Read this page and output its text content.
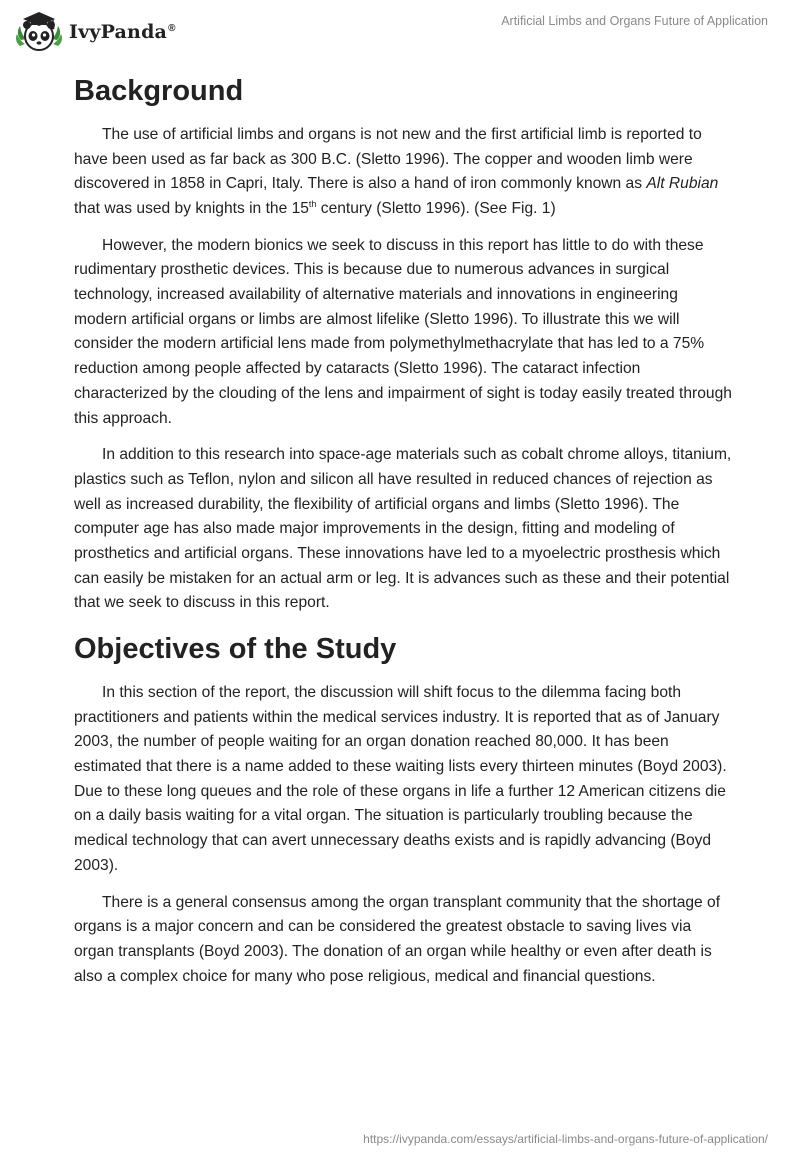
IvyPanda®
Artificial Limbs and Organs Future of Application
Background

The use of artificial limbs and organs is not new and the first artificial limb is reported to have been used as far back as 300 B.C. (Sletto 1996). The copper and wooden limb were discovered in 1858 in Capri, Italy. There is also a hand of iron commonly known as Alt Rubian that was used by knights in the 15th century (Sletto 1996). (See Fig. 1)

However, the modern bionics we seek to discuss in this report has little to do with these rudimentary prosthetic devices. This is because due to numerous advances in surgical technology, increased availability of alternative materials and innovations in engineering modern artificial organs or limbs are almost lifelike (Sletto 1996). To illustrate this we will consider the modern artificial lens made from polymethylmethacrylate that has led to a 75% reduction among people affected by cataracts (Sletto 1996). The cataract infection characterized by the clouding of the lens and impairment of sight is today easily treated through this approach.

In addition to this research into space-age materials such as cobalt chrome alloys, titanium, plastics such as Teflon, nylon and silicon all have resulted in reduced chances of rejection as well as increased durability, the flexibility of artificial organs and limbs (Sletto 1996). The computer age has also made major improvements in the design, fitting and modeling of prosthetics and artificial organs. These innovations have led to a myoelectric prosthesis which can easily be mistaken for an actual arm or leg. It is advances such as these and their potential that we seek to discuss in this report.

Objectives of the Study

In this section of the report, the discussion will shift focus to the dilemma facing both practitioners and patients within the medical services industry. It is reported that as of January 2003, the number of people waiting for an organ donation reached 80,000. It has been estimated that there is a name added to these waiting lists every thirteen minutes (Boyd 2003). Due to these long queues and the role of these organs in life a further 12 American citizens die on a daily basis waiting for a vital organ. The situation is particularly troubling because the medical technology that can avert unnecessary deaths exists and is rapidly advancing (Boyd 2003).

There is a general consensus among the organ transplant community that the shortage of organs is a major concern and can be considered the greatest obstacle to saving lives via organ transplants (Boyd 2003). The donation of an organ while healthy or even after death is also a complex choice for many who pose religious, medical and financial questions.

https://ivypanda.com/essays/artificial-limbs-and-organs-future-of-application/
